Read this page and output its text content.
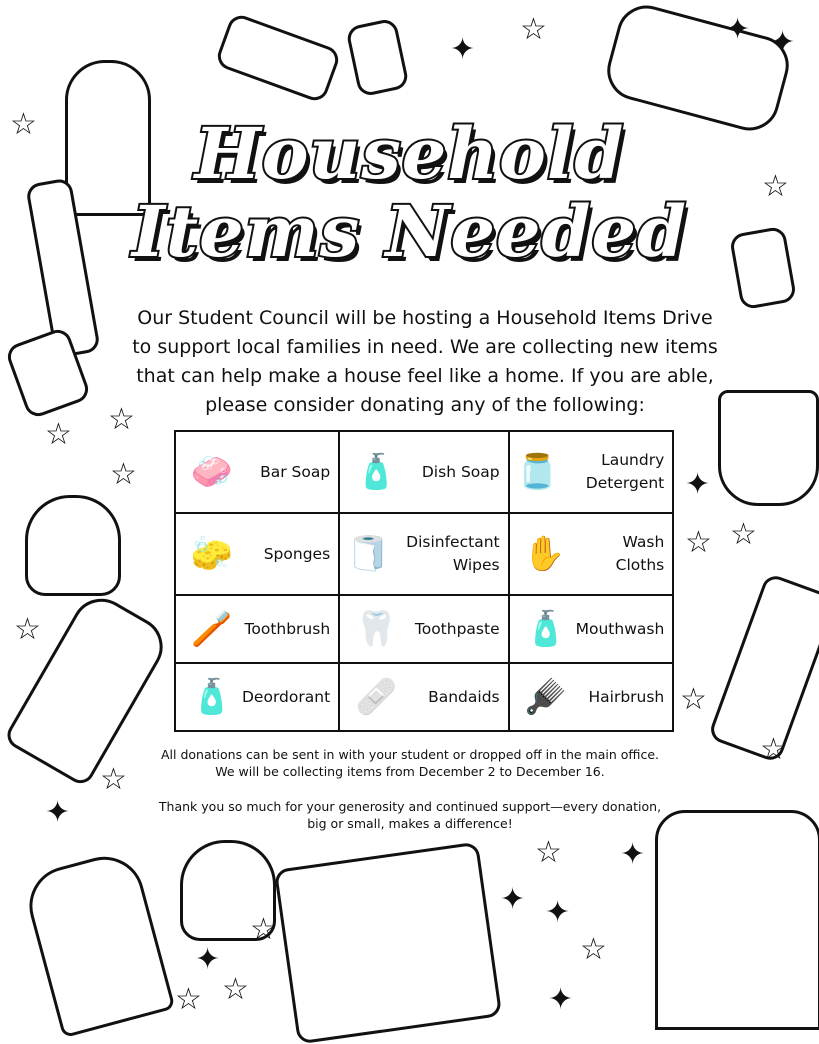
☆
✦
☆	✦ ✦
☆
☆ ☆
☆	✦
☆ ☆
☆
☆
☆
☆
✦
☆ ✦
✦ ✦
☆
☆
✦
☆ ☆	✦
Household
Items Needed
Our Student Council will be hosting a Household Items Drive to support local families in need. We are collecting new items that can help make a house feel like a home. If you are able, please consider donating any of the following:
🧼 Bar Soap	🧴 Dish Soap	🫙 Laundry Detergent

🧽 Sponges	🧻 Disinfectant Wipes	✋ Wash Cloths

🪥 Toothbrush	🦷 Toothpaste	🧴 Mouthwash

🧴 Deordorant	🩹 Bandaids	🪮 Hairbrush
All donations can be sent in with your student or dropped off in the main office.
We will be collecting items from December 2 to December 16.
Thank you so much for your generosity and continued support—every donation,
big or small, makes a difference!
